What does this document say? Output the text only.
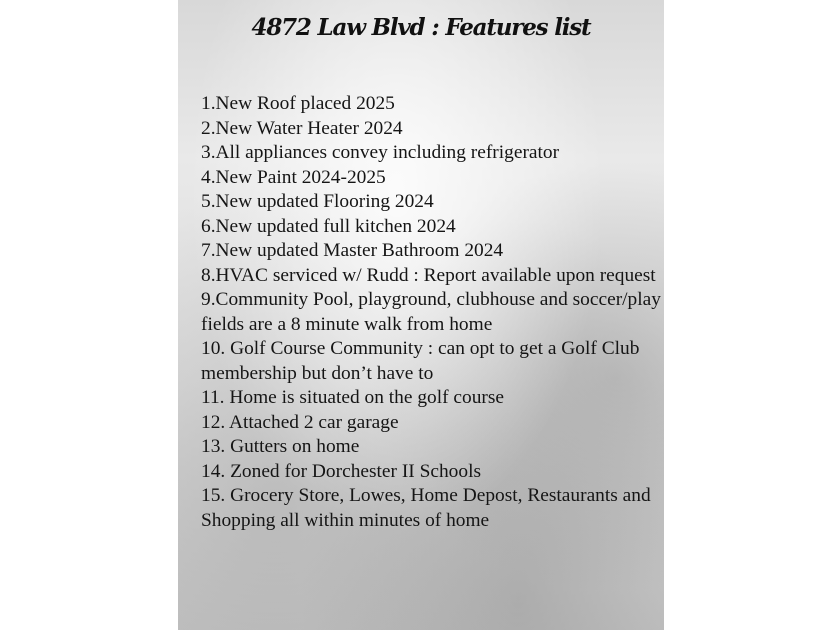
4872 Law Blvd : Features list
1.New Roof placed 2025
2.New Water Heater 2024
3.All appliances convey including refrigerator
4.New Paint 2024-2025
5.New updated Flooring 2024
6.New updated full kitchen 2024
7.New updated Master Bathroom 2024
8.HVAC serviced w/ Rudd : Report available upon request
9.Community Pool, playground, clubhouse and soccer/play fields are a 8 minute walk from home
10. Golf Course Community : can opt to get a Golf Club membership but don’t have to
11. Home is situated on the golf course
12. Attached 2 car garage
13. Gutters on home
14. Zoned for Dorchester II Schools
15. Grocery Store, Lowes, Home Depost, Restaurants and Shopping all within minutes of home
